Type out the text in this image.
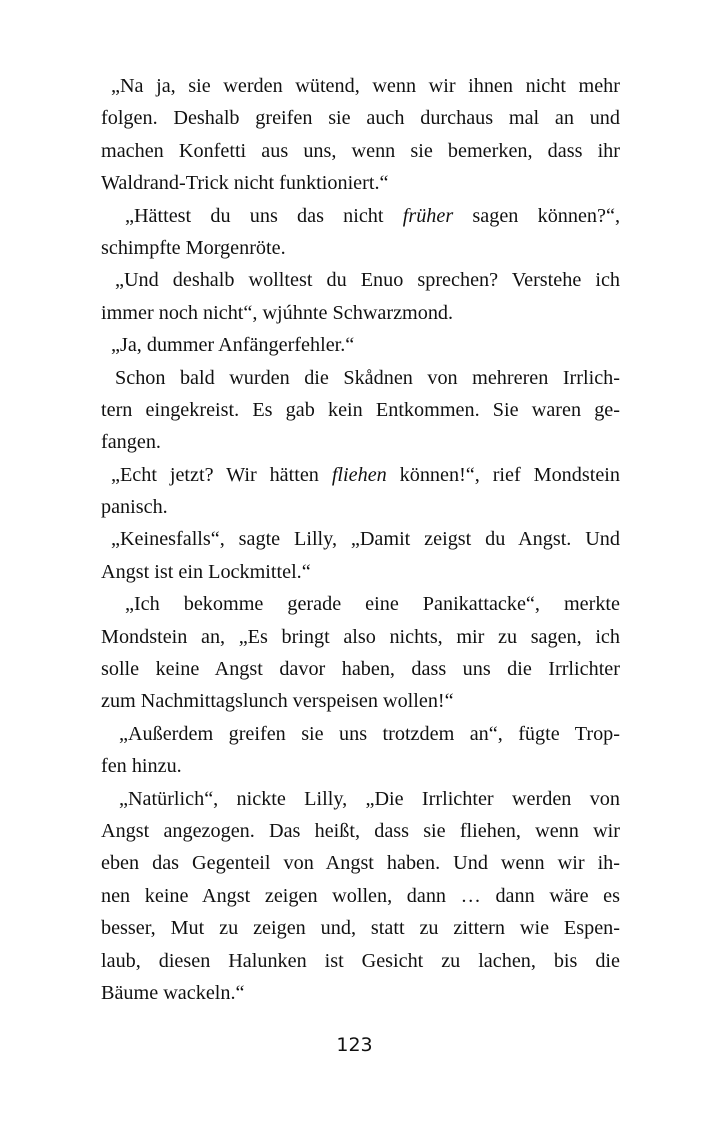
„Na ja, sie werden wütend, wenn wir ihnen nicht mehr
folgen. Deshalb greifen sie auch durchaus mal an und
machen Konfetti aus uns, wenn sie bemerken, dass ihr
Waldrand-Trick nicht funktioniert.“
„Hättest du uns das nicht früher sagen können?“,
schimpfte Morgenröte.
„Und deshalb wolltest du Enuo sprechen? Verstehe ich
immer noch nicht“, wjúhnte Schwarzmond.
„Ja, dummer Anfängerfehler.“
Schon bald wurden die Skådnen von mehreren Irrlich-
tern eingekreist. Es gab kein Entkommen. Sie waren ge-
fangen.
„Echt jetzt? Wir hätten fliehen können!“, rief Mondstein
panisch.
„Keinesfalls“, sagte Lilly, „Damit zeigst du Angst. Und
Angst ist ein Lockmittel.“
„Ich bekomme gerade eine Panikattacke“, merkte
Mondstein an, „Es bringt also nichts, mir zu sagen, ich
solle keine Angst davor haben, dass uns die Irrlichter
zum Nachmittagslunch verspeisen wollen!“
„Außerdem greifen sie uns trotzdem an“, fügte Trop-
fen hinzu.
„Natürlich“, nickte Lilly, „Die Irrlichter werden von
Angst angezogen. Das heißt, dass sie fliehen, wenn wir
eben das Gegenteil von Angst haben. Und wenn wir ih-
nen keine Angst zeigen wollen, dann … dann wäre es
besser, Mut zu zeigen und, statt zu zittern wie Espen-
laub, diesen Halunken ist Gesicht zu lachen, bis die
Bäume wackeln.“
123
